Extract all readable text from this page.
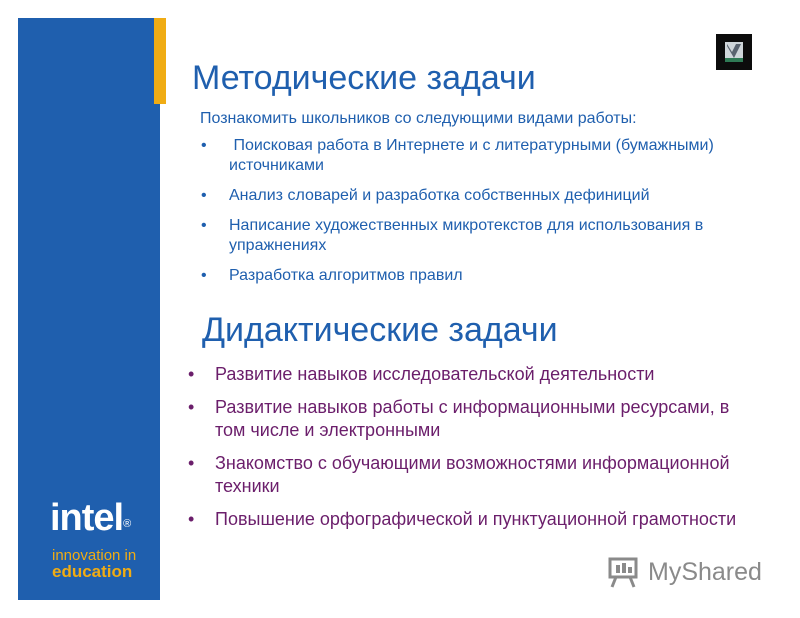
intel®
innovation in
education
Методические задачи
Познакомить школьников со следующими видами работы:
•  Поисковая работа в Интернете и с литературными (бумажными) источниками
• Анализ словарей и разработка собственных дефиниций
• Написание художественных микротекстов для использования в упражнениях
• Разработка алгоритмов правил
Дидактические задачи
• Развитие навыков исследовательской деятельности
• Развитие навыков работы с информационными ресурсами, в том числе и электронными
• Знакомство с обучающими возможностями информационной техники
• Повышение орфографической и пунктуационной грамотности
MyShared
